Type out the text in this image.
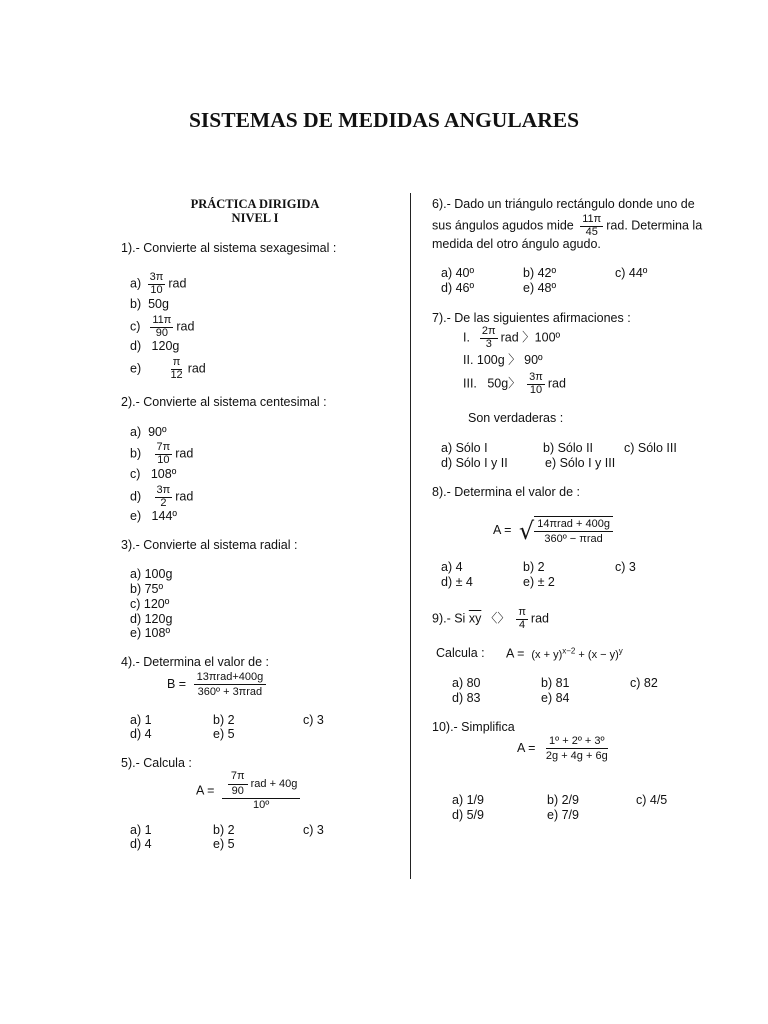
SISTEMAS DE MEDIDAS ANGULARES
PRÁCTICA DIRIGIDA
NIVEL I
1).- Convierte al sistema sexagesimal :
$a) \frac{3\pi}{10}$ rad
b) 50g
$c) \frac{11\pi}{90}$ rad
d) 120g
$e) \frac{\pi}{12}$ rad
2).- Convierte al sistema centesimal :
a) 90º
$b) \frac{7\pi}{10}$ rad
c) 108º
$d) \frac{3\pi}{2}$ rad
e) 144º
3).- Convierte al sistema radial :
a) 100g
b) 75º
c) 120º
d) 120g
e) 108º
4).- Determina el valor de :
B = 13πrad+400g
360º + 3πrad
a) 1	b) 2	c) 3
d) 4	e) 5
5).- Calcula :
$A = \frac{7\pi}{90}$ rad + 40g
10º
a) 1	b) 2	c) 3
d) 4	e) 5
6).- Dado un triángulo rectángulo donde uno de
sus ángulos agudos mide $\frac{11\pi}{45}$ rad. Determina la
medida del otro ángulo agudo.
a) 40º	b) 42º	c) 44º
d) 46º	e) 48º
7).- De las siguientes afirmaciones :
I. $\frac{2\pi}{3}$ rad 〉100º
II. 100g 〉 90º
III. 50g〉 $\frac{3\pi}{10}$ rad
Son verdaderas :
a) Sólo I	b) Sólo II c) Sólo III
d) Sólo I y II	e) Sólo I y III
8).- Determina el valor de :
A = √ 14πrad + 400g
360º − πrad
a) 4	b) 2	c) 3
d) ± 4	e) ± 2
9).- Si $\overline{xy}$ 〈〉 $\frac{\pi}{4}$ rad
Calcula : $A = (x + y)^{x-2} + (x - y)^y$
a) 80	b) 81	c) 82
d) 83	e) 84
10).- Simplifica
$A = \frac{\text{1º + 2º + 3º}}{2g + 4g + 6g}$
a) 1/9	b) 2/9	c) 4/5
d) 5/9	e) 7/9
